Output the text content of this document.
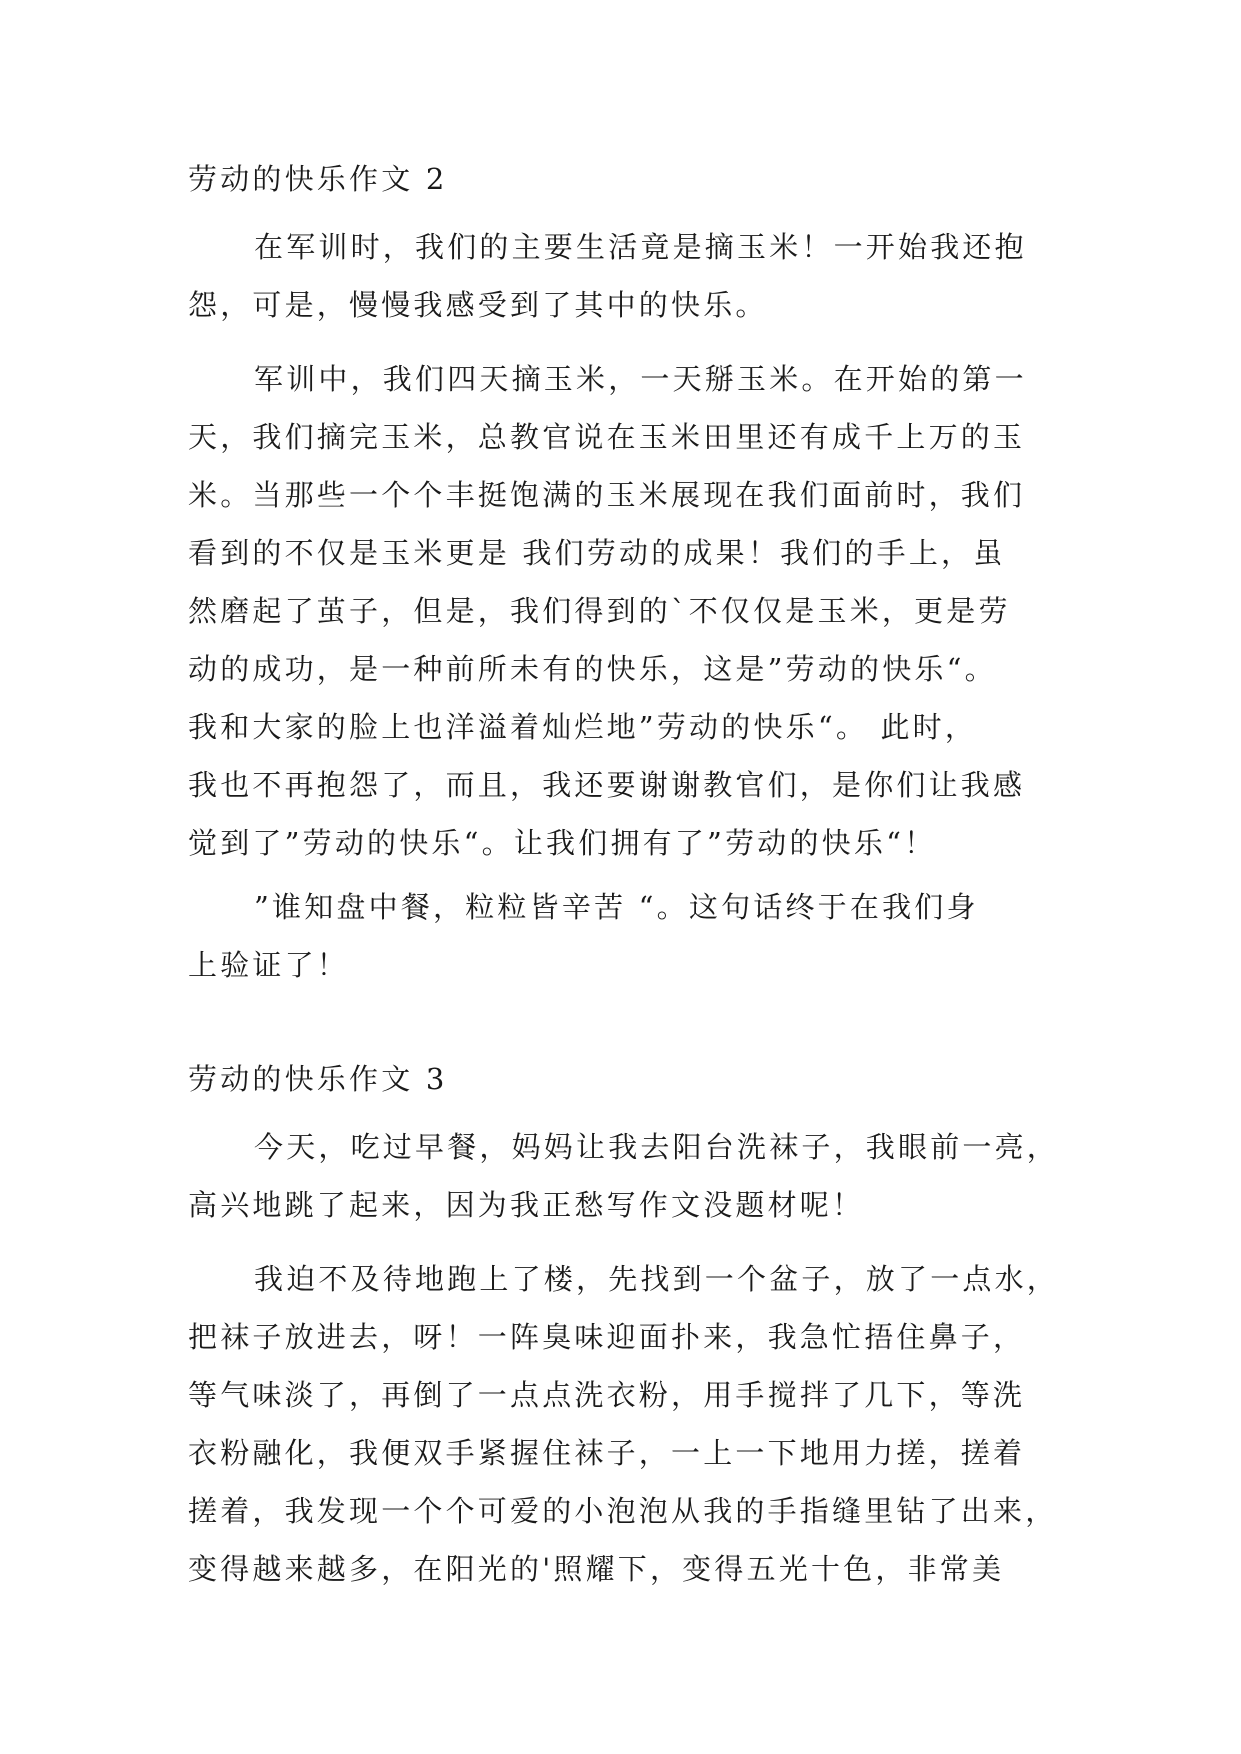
劳动的快乐作文 2
在军训时，我们的主要生活竟是摘玉米！一开始我还抱
怨，可是，慢慢我感受到了其中的快乐。
军训中，我们四天摘玉米，一天掰玉米。在开始的第一
天，我们摘完玉米，总教官说在玉米田里还有成千上万的玉
米。当那些一个个丰挺饱满的玉米展现在我们面前时，我们
看到的不仅是玉米更是 我们劳动的成果！我们的手上，虽
然磨起了茧子，但是，我们得到的`不仅仅是玉米，更是劳
动的成功，是一种前所未有的快乐，这是”劳动的快乐“。
我和大家的脸上也洋溢着灿烂地”劳动的快乐“。 此时，
我也不再抱怨了，而且，我还要谢谢教官们，是你们让我感
觉到了”劳动的快乐“。让我们拥有了”劳动的快乐“！
”谁知盘中餐，粒粒皆辛苦 “。这句话终于在我们身
上验证了！
劳动的快乐作文 3
今天，吃过早餐，妈妈让我去阳台洗袜子，我眼前一亮，
高兴地跳了起来，因为我正愁写作文没题材呢！
我迫不及待地跑上了楼，先找到一个盆子，放了一点水，
把袜子放进去，呀！一阵臭味迎面扑来，我急忙捂住鼻子，
等气味淡了，再倒了一点点洗衣粉，用手搅拌了几下，等洗
衣粉融化，我便双手紧握住袜子，一上一下地用力搓，搓着
搓着，我发现一个个可爱的小泡泡从我的手指缝里钻了出来，
变得越来越多，在阳光的'照耀下，变得五光十色，非常美
